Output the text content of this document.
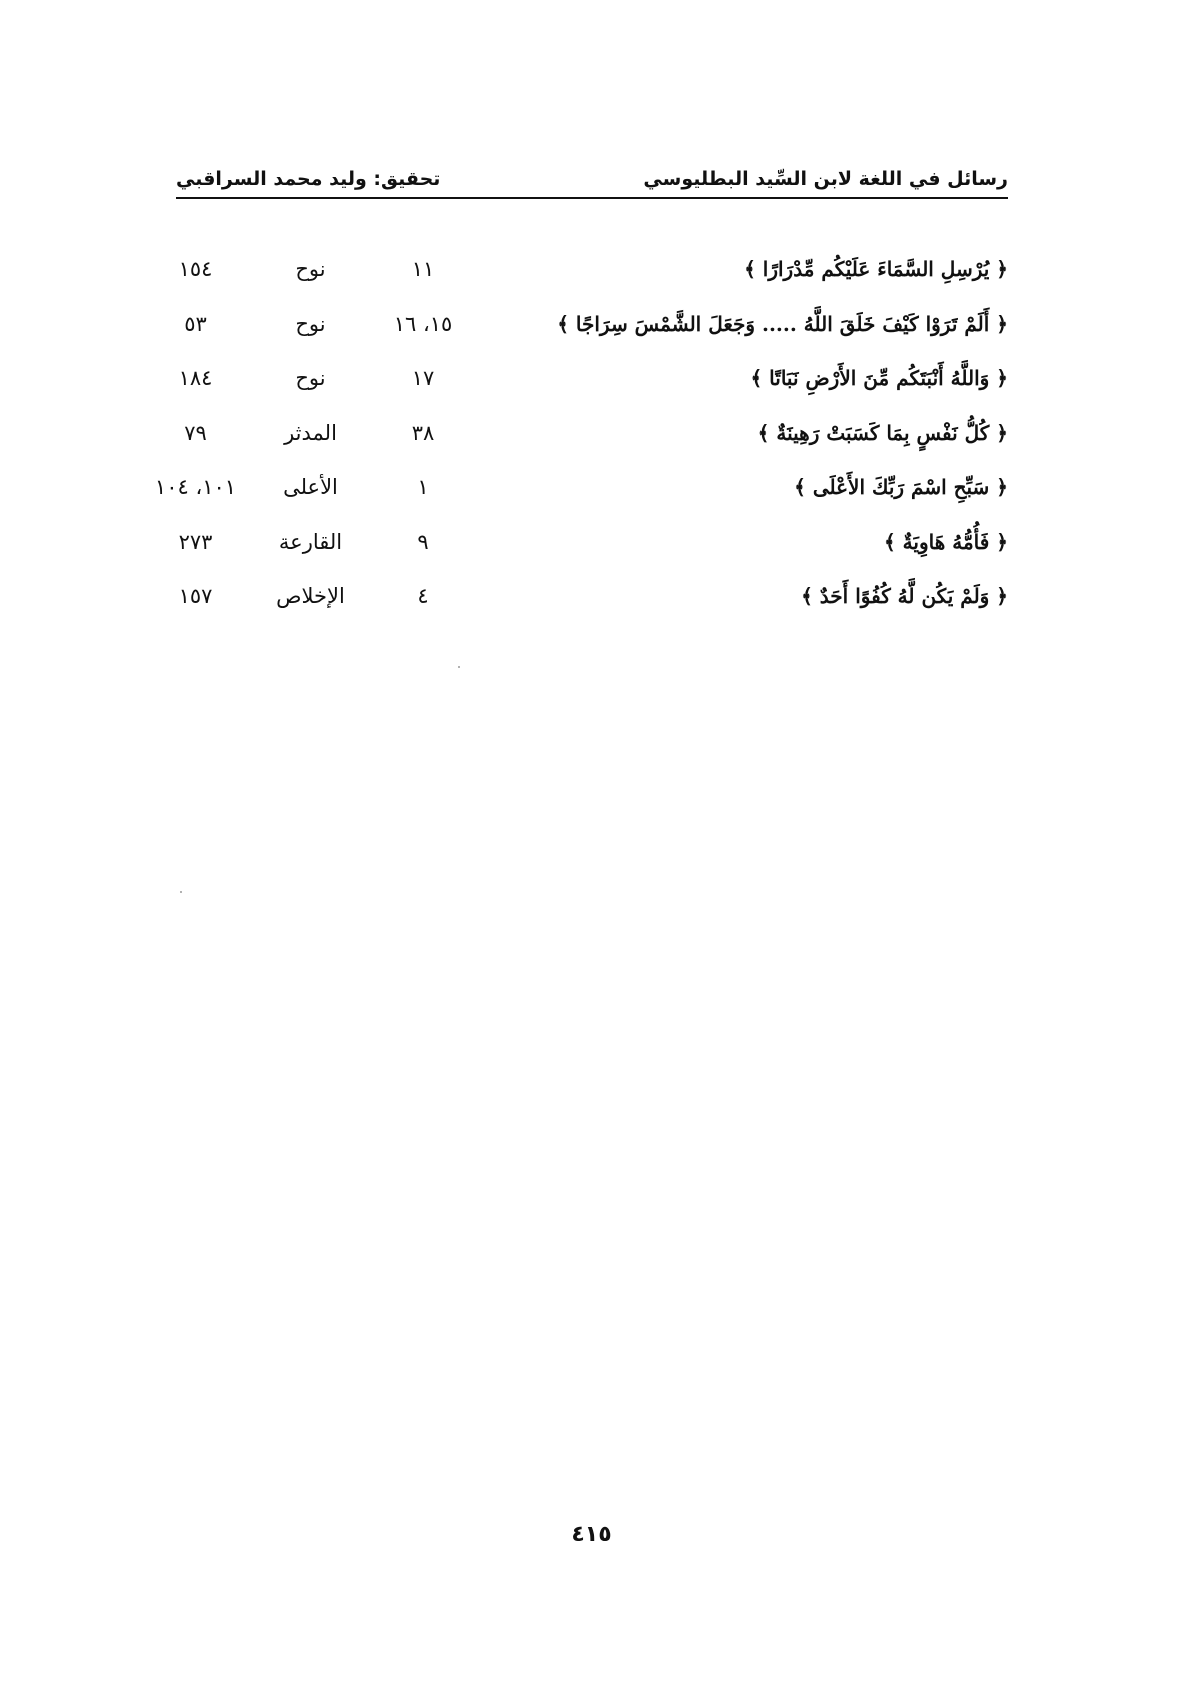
رسائل في اللغة لابن السِّيد البطليوسي
تحقيق: وليد محمد السراقبي
﴿ يُرْسِلِ السَّمَاءَ عَلَيْكُم مِّدْرَارًا ﴾
١١
نوح
١٥٤
﴿ أَلَمْ تَرَوْا كَيْفَ خَلَقَ اللَّهُ ..... وَجَعَلَ الشَّمْسَ سِرَاجًا ﴾
١٥، ١٦
نوح
٥٣
﴿ وَاللَّهُ أَنْبَتَكُم مِّنَ الأَرْضِ نَبَاتًا ﴾
١٧
نوح
١٨٤
﴿ كُلُّ نَفْسٍ بِمَا كَسَبَتْ رَهِينَةٌ ﴾
٣٨
المدثر
٧٩
﴿ سَبِّحِ اسْمَ رَبِّكَ الأَعْلَى ﴾
١
الأعلى
١٠١، ١٠٤
﴿ فَأُمُّهُ هَاوِيَةٌ ﴾
٩
القارعة
٢٧٣
﴿ وَلَمْ يَكُن لَّهُ كُفُوًا أَحَدٌ ﴾
٤
الإخلاص
١٥٧
٤١٥
